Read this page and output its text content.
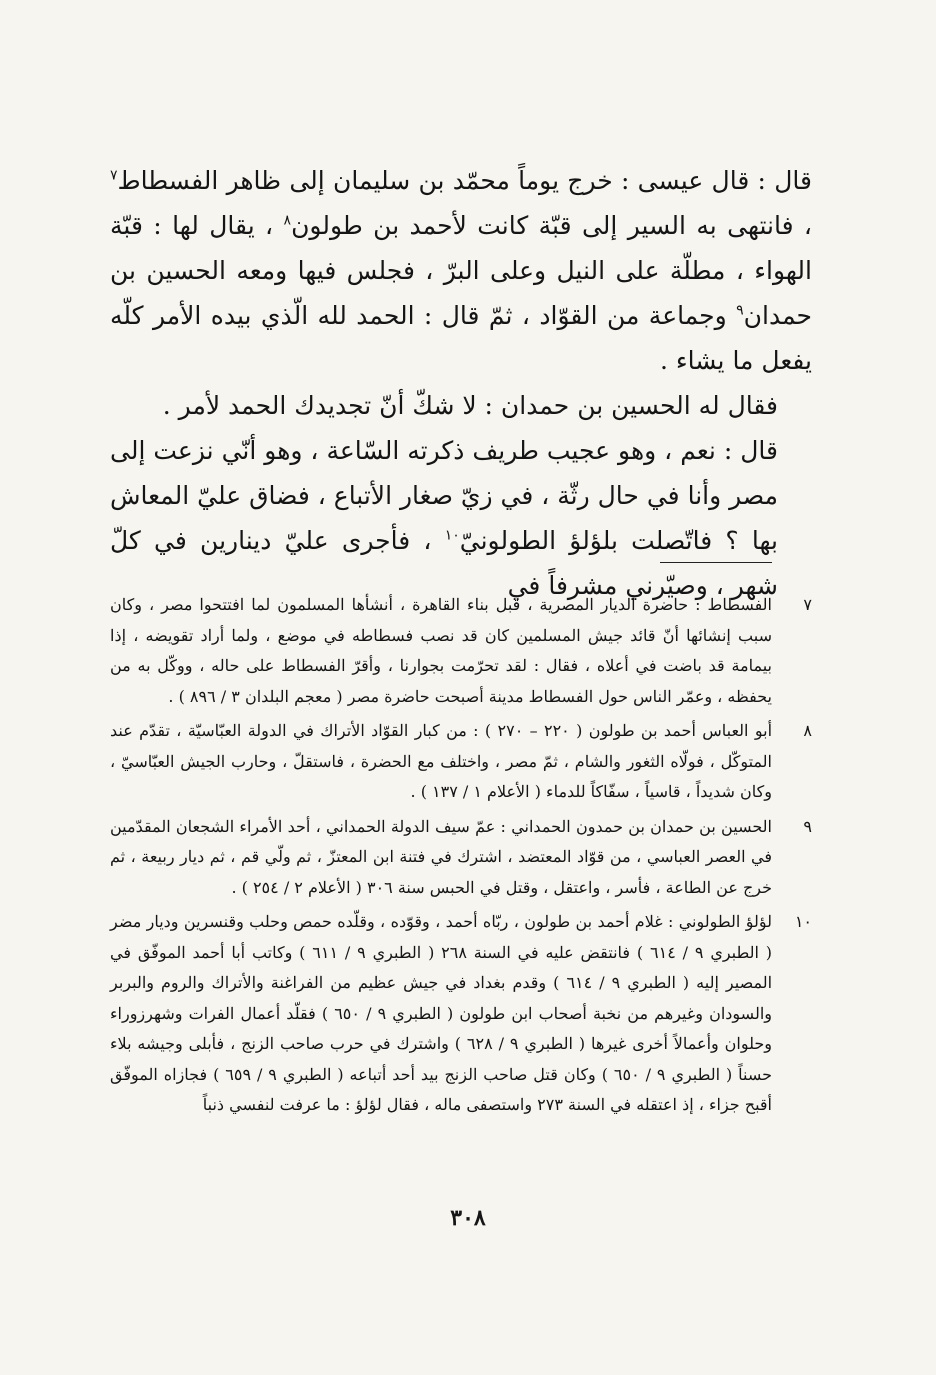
قال : قال عيسى : خرج يوماً محمّد بن سليمان إلى ظاهر الفسطاط$^٧$ ، فانتهى به السير إلى قبّة كانت لأحمد بن طولون$^٨$ ، يقال لها : قبّة الهواء ، مطلّة على النيل وعلى البرّ ، فجلس فيها ومعه الحسين بن حمدان$^٩$ وجماعة من القوّاد ، ثمّ قال : الحمد لله الّذي بيده الأمر كلّه يفعل ما يشاء .

فقال له الحسين بن حمدان : لا شكّ أنّ تجديدك الحمد لأمر .

قال : نعم ، وهو عجيب طريف ذكرته السّاعة ، وهو أنّي نزعت إلى مصر وأنا في حال رثّة ، في زيّ صغار الأتباع ، فضاق عليّ المعاش بها ؟ فاتّصلت بلؤلؤ الطولونيّ$^{١٠}$ ، فأجرى عليّ دينارين في كلّ شهر ، وصيّرني مشرفاً في

٧
الفسطاط : حاضرة الديار المصرية ، قبل بناء القاهرة ، أنشأها المسلمون لما افتتحوا مصر ، وكان سبب إنشائها أنّ قائد جيش المسلمين كان قد نصب فسطاطه في موضع ، ولما أراد تقويضه ، إذا بيمامة قد باضت في أعلاه ، فقال : لقد تحرّمت بجوارنا ، وأقرّ الفسطاط على حاله ، ووكّل به من يحفظه ، وعمّر الناس حول الفسطاط مدينة أصبحت حاضرة مصر ( معجم البلدان ٣ / ٨٩٦ ) .
٨
أبو العباس أحمد بن طولون ( ٢٢٠ – ٢٧٠ ) : من كبار القوّاد الأتراك في الدولة العبّاسيّة ، تقدّم عند المتوكّل ، فولّاه الثغور والشام ، ثمّ مصر ، واختلف مع الحضرة ، فاستقلّ ، وحارب الجيش العبّاسيّ ، وكان شديداً ، قاسياً ، سفّاكاً للدماء ( الأعلام ١ / ١٣٧ ) .
٩
الحسين بن حمدان بن حمدون الحمداني : عمّ سيف الدولة الحمداني ، أحد الأمراء الشجعان المقدّمين في العصر العباسي ، من قوّاد المعتضد ، اشترك في فتنة ابن المعتزّ ، ثم ولّي قم ، ثم ديار ربيعة ، ثم خرج عن الطاعة ، فأسر ، واعتقل ، وقتل في الحبس سنة ٣٠٦ ( الأعلام ٢ / ٢٥٤ ) .
١٠
لؤلؤ الطولوني : غلام أحمد بن طولون ، ربّاه أحمد ، وقوّده ، وقلّده حمص وحلب وقنسرين وديار مضر ( الطبري ٩ / ٦١٤ ) فانتقض عليه في السنة ٢٦٨ ( الطبري ٩ / ٦١١ ) وكاتب أبا أحمد الموفّق في المصير إليه ( الطبري ٩ / ٦١٤ ) وقدم بغداد في جيش عظيم من الفراغنة والأتراك والروم والبربر والسودان وغيرهم من نخبة أصحاب ابن طولون ( الطبري ٩ / ٦٥٠ ) فقلّد أعمال الفرات وشهرزوراء وحلوان وأعمالاً أخرى غيرها ( الطبري ٩ / ٦٢٨ ) واشترك في حرب صاحب الزنج ، فأبلى وجيشه بلاء حسناً ( الطبري ٩ / ٦٥٠ ) وكان قتل صاحب الزنج بيد أحد أتباعه ( الطبري ٩ / ٦٥٩ ) فجازاه الموفّق أقبح جزاء ، إذ اعتقله في السنة ٢٧٣ واستصفى ماله ، فقال لؤلؤ : ما عرفت لنفسي ذنباً
٣٠٨
